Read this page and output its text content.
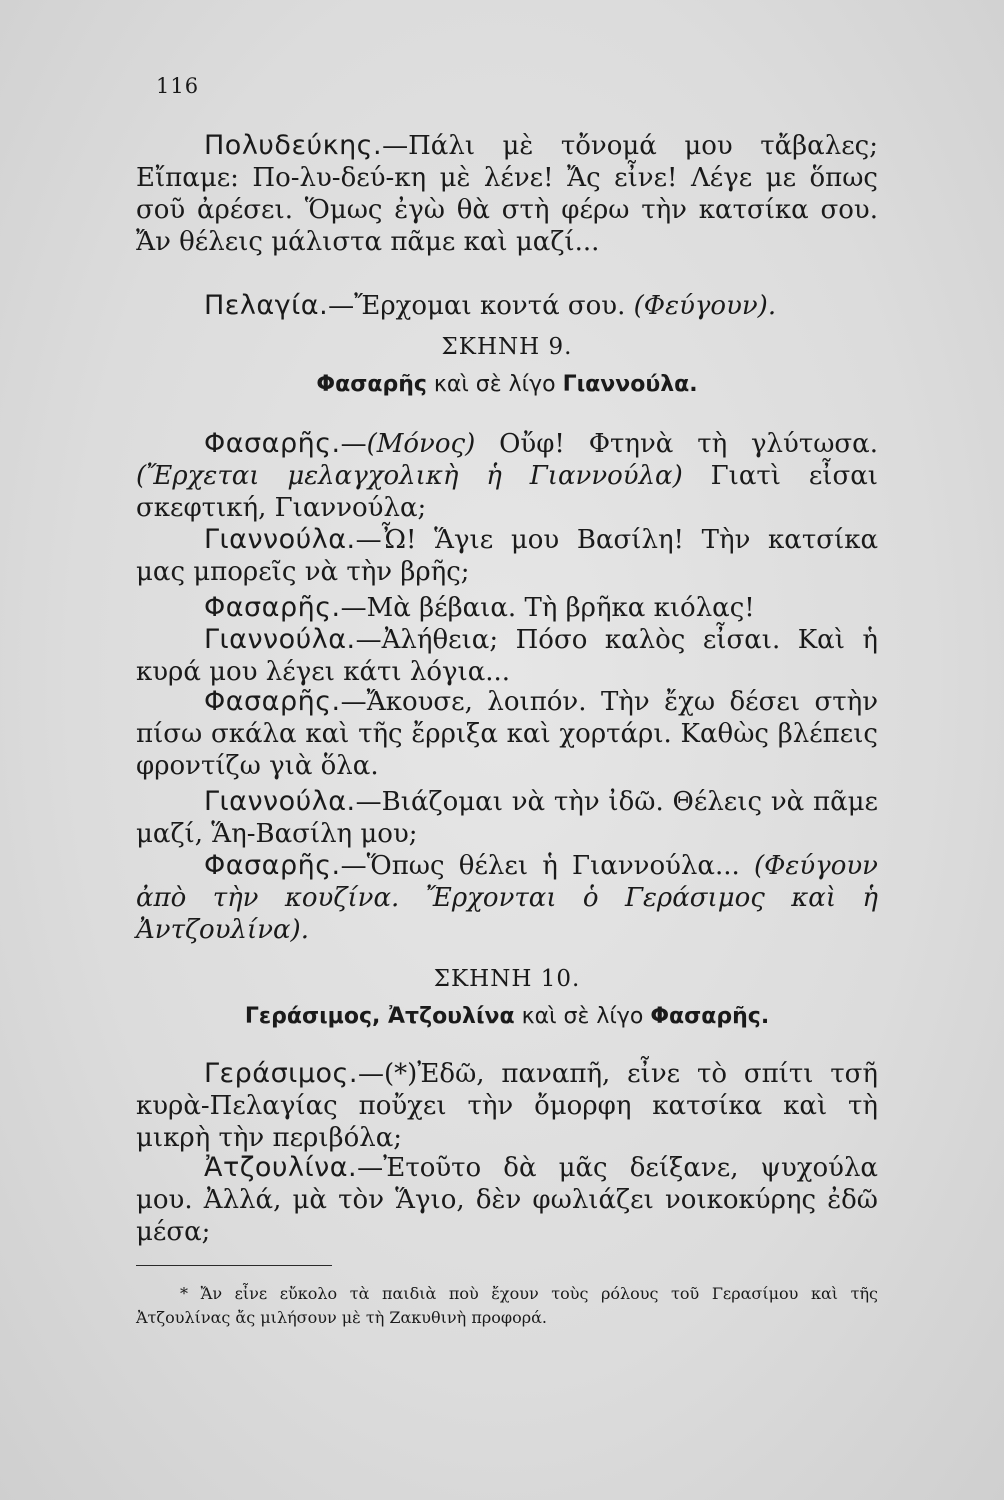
116

Πολυδεύκης.—Πάλι μὲ τὄνομά μου τἄβαλες; Εἴπαμε: Πο-λυ-δεύ-κη μὲ λένε! Ἄς εἶνε! Λέγε με ὅπως σοῦ ἀρέσει. Ὅμως ἐγὼ θὰ στὴ φέρω τὴν κατσίκα σου. Ἄν θέλεις μάλιστα πᾶμε καὶ μαζί...

Πελαγία.—Ἔρχομαι κοντά σου. (Φεύγουν).

ΣΚΗΝΗ 9.
Φασαρῆς καὶ σὲ λίγο Γιαννούλα.

Φασαρῆς.—(Μόνος) Οὔφ! Φτηνὰ τὴ γλύτωσα. (Ἔρχεται μελαγχολικὴ ἡ Γιαννούλα) Γιατὶ εἶσαι σκεφτική, Γιαννούλα;

Γιαννούλα.—Ὦ! Ἅγιε μου Βασίλη! Τὴν κατσίκα μας μπορεῖς νὰ τὴν βρῆς;

Φασαρῆς.—Μὰ βέβαια. Τὴ βρῆκα κιόλας!

Γιαννούλα.—Ἀλήθεια; Πόσο καλὸς εἶσαι. Καὶ ἡ κυρά μου λέγει κάτι λόγια...

Φασαρῆς.—Ἄκουσε, λοιπόν. Τὴν ἔχω δέσει στὴν πίσω σκάλα καὶ τῆς ἔρριξα καὶ χορτάρι. Καθὼς βλέπεις φροντίζω γιὰ ὅλα.

Γιαννούλα.—Βιάζομαι νὰ τὴν ἰδῶ. Θέλεις νὰ πᾶμε μαζί, Ἅη-Βασίλη μου;

Φασαρῆς.—Ὅπως θέλει ἡ Γιαννούλα... (Φεύγουν ἀπὸ τὴν κουζίνα. Ἔρχονται ὁ Γεράσιμος καὶ ἡ Ἀντζουλίνα).

ΣΚΗΝΗ 10.
Γεράσιμος, Ἀτζουλίνα καὶ σὲ λίγο Φασαρῆς.

Γεράσιμος.—(*)Ἐδῶ, παναπῆ, εἶνε τὸ σπίτι τσῆ κυρὰ-Πελαγίας ποὔχει τὴν ὄμορφη κατσίκα καὶ τὴ μικρὴ τὴν περιβόλα;

Ἀτζουλίνα.—Ἐτοῦτο δὰ μᾶς δείξανε, ψυχούλα μου. Ἀλλά, μὰ τὸν Ἅγιο, δὲν φωλιάζει νοικοκύρης ἐδῶ μέσα;

* Ἄν εἶνε εὔκολο τὰ παιδιὰ ποὺ ἔχουν τοὺς ρόλους τοῦ Γερασίμου καὶ τῆς Ἀτζουλίνας ἄς μιλήσουν μὲ τὴ Ζακυθινὴ προφορά.
